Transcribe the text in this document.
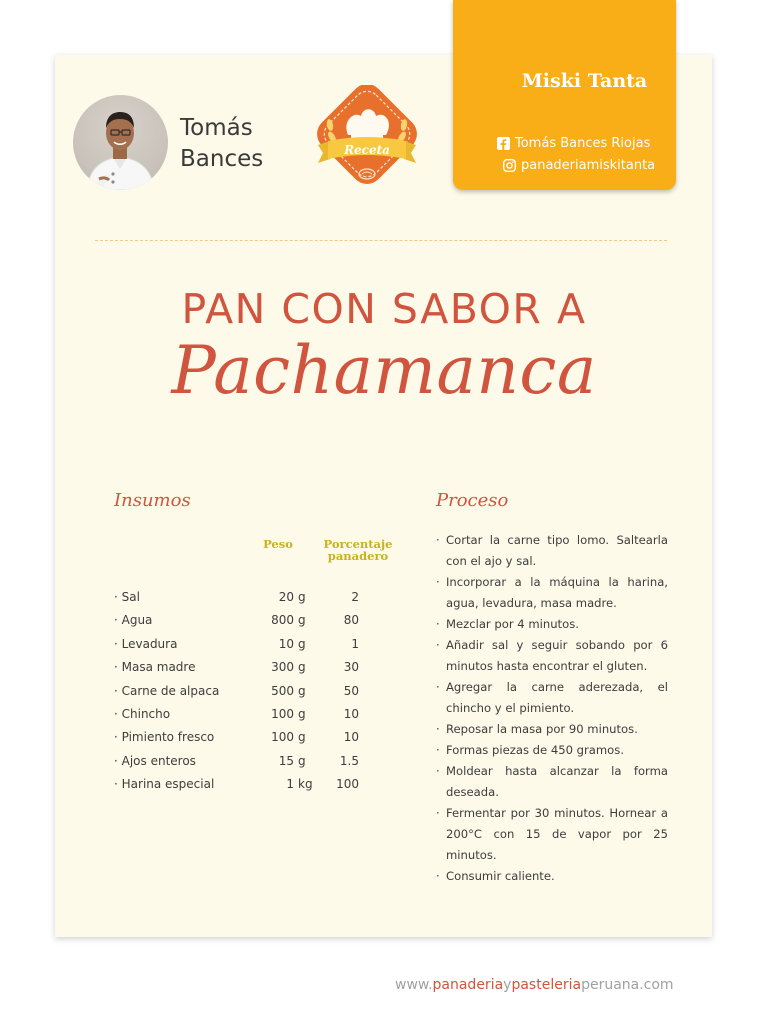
Tomás
Bances	Receta
Miski Tanta
Tomás Bances Riojas
panaderiamiskitanta
PAN CON SABOR A
Pachamanca
Insumos
Peso	Porcentaje
panadero
· Sal	20 g	2
· Agua	800 g	80
· Levadura	10 g	1
· Masa madre	300 g	30
· Carne de alpaca	500 g	50
· Chincho	100 g	10
· Pimiento fresco	100 g	10
· Ajos enteros	15 g	1.5
· Harina especial	1 kg	100
Proceso
· Cortar la carne tipo lomo. Saltearla con el ajo y sal.
· Incorporar a la máquina la harina, agua, levadura, masa madre.
· Mezclar por 4 minutos.
· Añadir sal y seguir sobando por 6 minutos hasta encontrar el gluten.
· Agregar la carne aderezada, el chincho y el pimiento.
· Reposar la masa por 90 minutos.
· Formas piezas de 450 gramos.
· Moldear hasta alcanzar la forma deseada.
· Fermentar por 30 minutos. Hornear a 200°C con 15 de vapor por 25 minutos.
· Consumir caliente.
www.panaderiaypasteleriaperuana.com
